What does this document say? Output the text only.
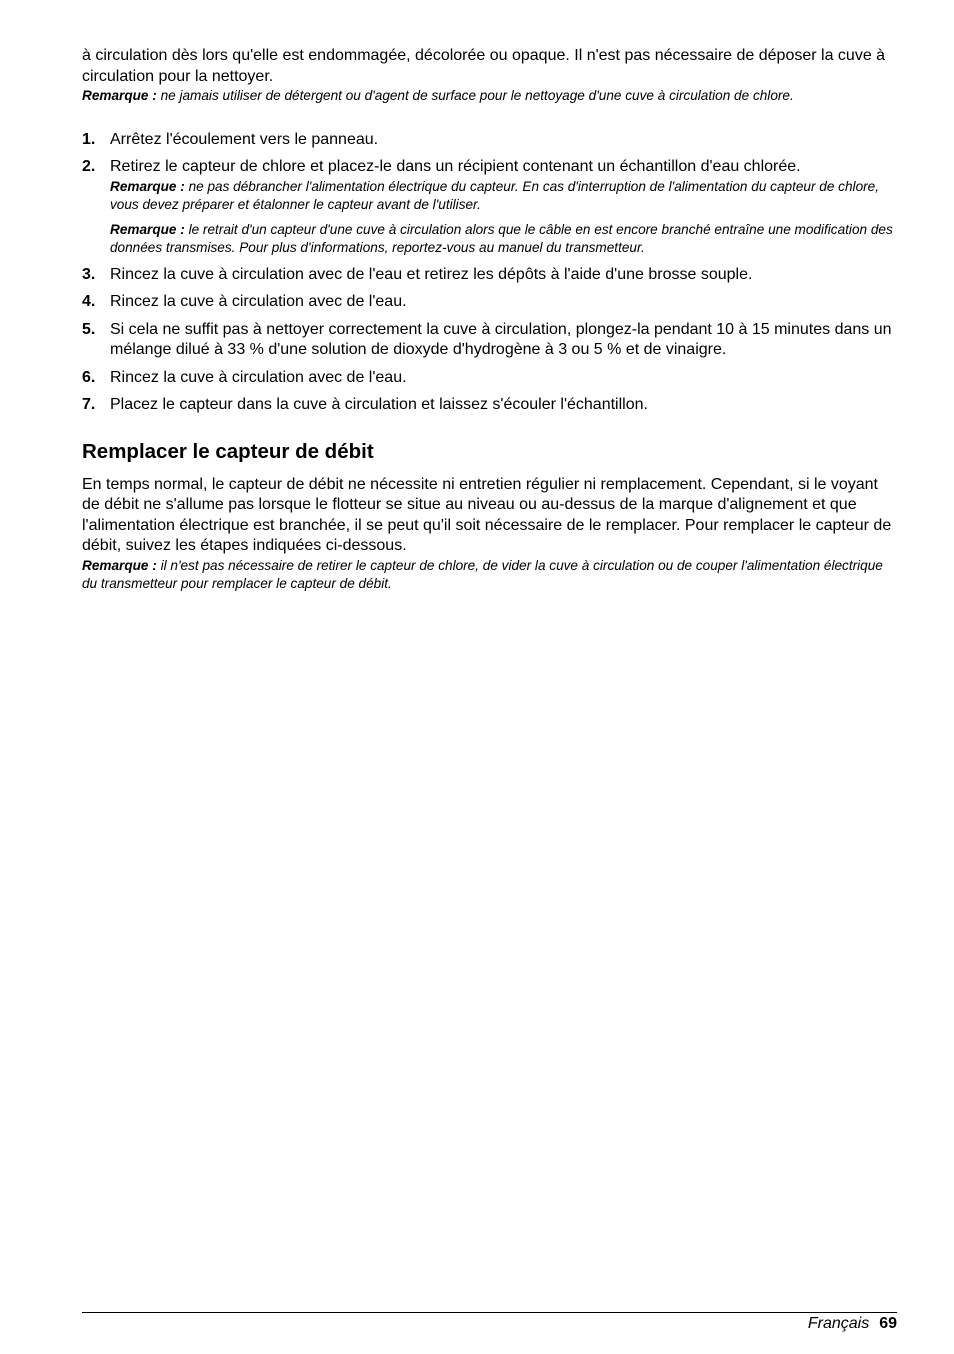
à circulation dès lors qu'elle est endommagée, décolorée ou opaque. Il n'est pas nécessaire de déposer la cuve à circulation pour la nettoyer.

Remarque : ne jamais utiliser de détergent ou d'agent de surface pour le nettoyage d'une cuve à circulation de chlore.

1. Arrêtez l'écoulement vers le panneau.
2. Retirez le capteur de chlore et placez-le dans un récipient contenant un échantillon d'eau chlorée.

Remarque : ne pas débrancher l'alimentation électrique du capteur. En cas d'interruption de l'alimentation du capteur de chlore, vous devez préparer et étalonner le capteur avant de l'utiliser.

Remarque : le retrait d'un capteur d'une cuve à circulation alors que le câble en est encore branché entraîne une modification des données transmises. Pour plus d'informations, reportez-vous au manuel du transmetteur.

3. Rincez la cuve à circulation avec de l'eau et retirez les dépôts à l'aide d'une brosse souple.
4. Rincez la cuve à circulation avec de l'eau.
5. Si cela ne suffit pas à nettoyer correctement la cuve à circulation, plongez-la pendant 10 à 15 minutes dans un mélange dilué à 33 % d'une solution de dioxyde d'hydrogène à 3 ou 5 % et de vinaigre.
6. Rincez la cuve à circulation avec de l'eau.
7. Placez le capteur dans la cuve à circulation et laissez s'écouler l'échantillon.
Remplacer le capteur de débit

En temps normal, le capteur de débit ne nécessite ni entretien régulier ni remplacement. Cependant, si le voyant de débit ne s'allume pas lorsque le flotteur se situe au niveau ou au-dessus de la marque d'alignement et que l'alimentation électrique est branchée, il se peut qu'il soit nécessaire de le remplacer. Pour remplacer le capteur de débit, suivez les étapes indiquées ci-dessous.

Remarque : il n'est pas nécessaire de retirer le capteur de chlore, de vider la cuve à circulation ou de couper l'alimentation électrique du transmetteur pour remplacer le capteur de débit.

Français 69
